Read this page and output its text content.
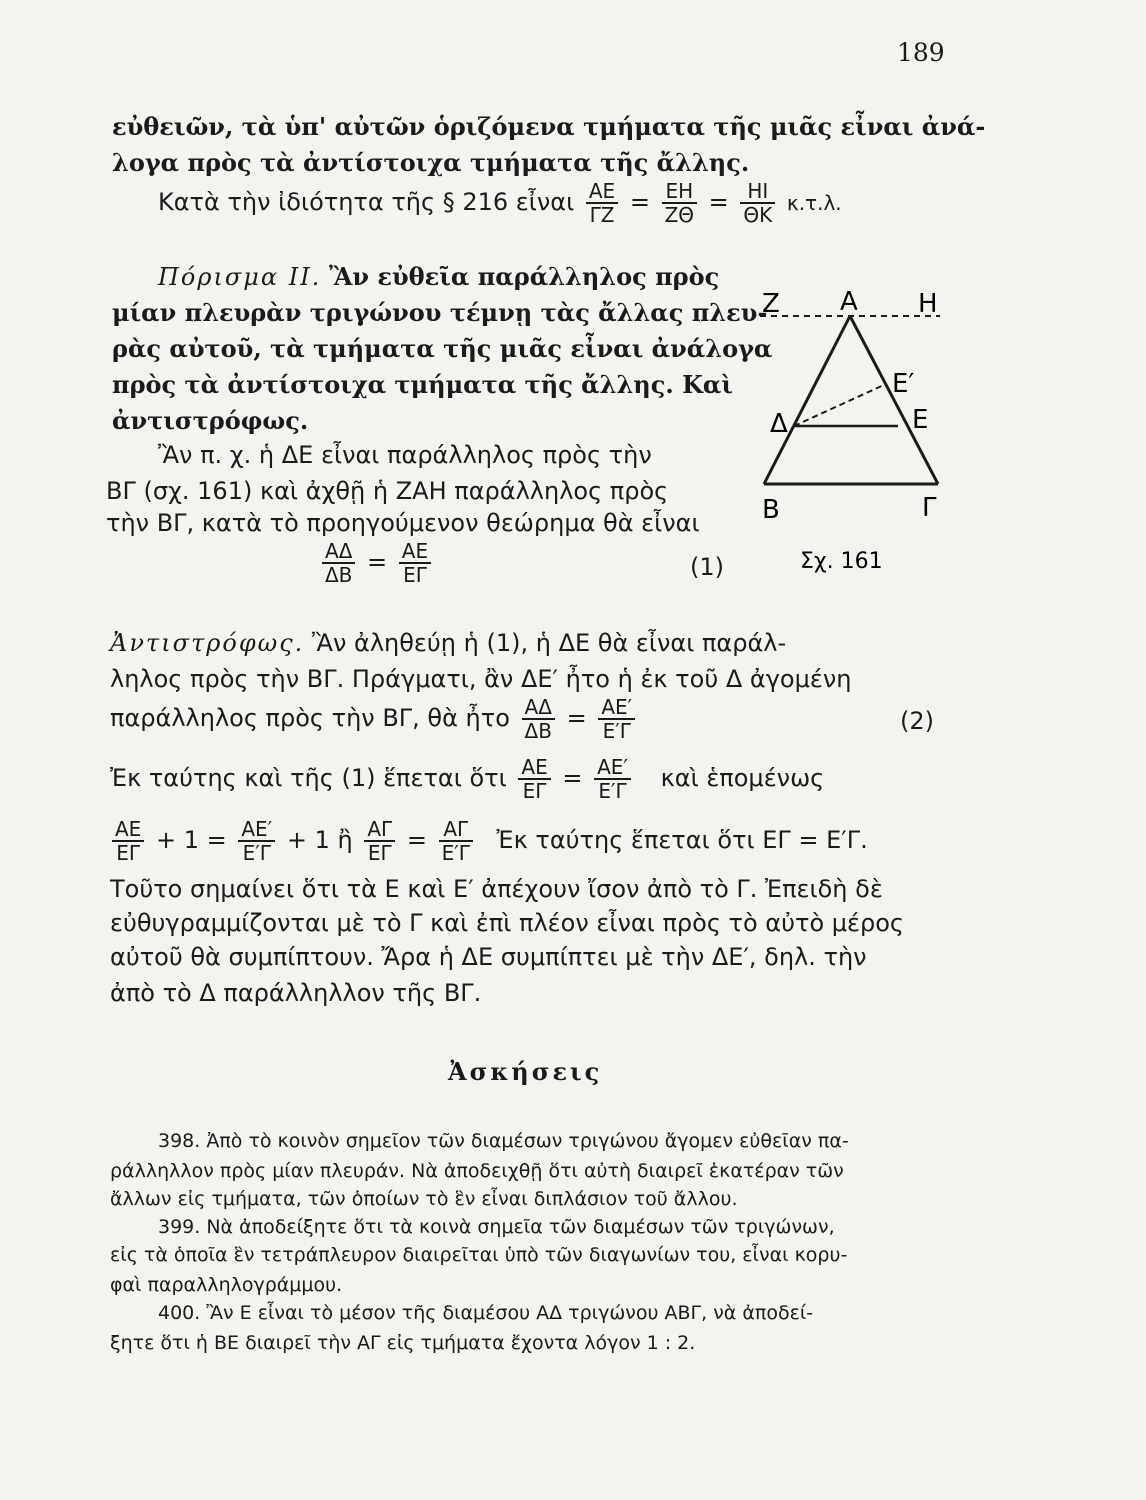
189
εὐθειῶν, τὰ ὑπ' αὐτῶν ὁριζόμενα τμήματα τῆς μιᾶς εἶναι ἀνά-
λογα πρὸς τὰ ἀντίστοιχα τμήματα τῆς ἄλλης.
Κατὰ τὴν ἰδιότητα τῆς § 216 εἶναι $\frac{AE}{\Gamma Z} = \frac{EH}{Z\Theta} = \frac{HI}{\Theta K} \kappa.\tau.\lambda$.
Πόρισμα ΙΙ. Ἂν εὐθεῖα παράλληλος πρὸς
μίαν πλευρὰν τριγώνου τέμνῃ τὰς ἄλλας πλευ-
ρὰς αὐτοῦ, τὰ τμήματα τῆς μιᾶς εἶναι ἀνάλογα
πρὸς τὰ ἀντίστοιχα τμήματα τῆς ἄλλης. Καὶ
ἀντιστρόφως.
Ἂν π. χ. ἡ ΔΕ εἶναι παράλληλος πρὸς τὴν
ΒΓ (σχ. 161) καὶ ἀχθῇ ἡ ΖΑΗ παράλληλος πρὸς
τὴν ΒΓ, κατὰ τὸ προηγούμενον θεώρημα θὰ εἶναι
$\frac{A\Delta}{\Delta B} = \frac{AE}{E\Gamma}$	(1)
Ζ Α Η
Ε′
Δ	Ε
Β	Γ
Σχ. 161
Ἀντιστρόφως. Ἂν ἀληθεύῃ ἡ (1), ἡ ΔΕ θὰ εἶναι παράλ-
ληλος πρὸς τὴν ΒΓ. Πράγματι, ἂν ΔΕ′ ἦτο ἡ ἐκ τοῦ Δ ἀγομένη
παράλληλος πρὸς τὴν ΒΓ, θὰ ἦτο $\frac{A\Delta}{\Delta B} = \frac{AE'}{E'\Gamma}$	(2)
Ἐκ ταύτης καὶ τῆς (1) ἕπεται ὅτι $\frac{AE}{E\Gamma} = \frac{AE'}{E'\Gamma}$ καὶ ἑπομένως
$\frac{AE}{E\Gamma} + 1 = \frac{AE'}{E'\Gamma} + 1$ ἢ $\frac{A\Gamma}{E\Gamma} = \frac{A\Gamma}{E'\Gamma}$ Ἐκ ταύτης ἕπεται ὅτι ΕΓ = Ε′Γ.
Τοῦτο σημαίνει ὅτι τὰ Ε καὶ Ε′ ἀπέχουν ἴσον ἀπὸ τὸ Γ. Ἐπειδὴ δὲ
εὐθυγραμμίζονται μὲ τὸ Γ καὶ ἐπὶ πλέον εἶναι πρὸς τὸ αὐτὸ μέρος
αὐτοῦ θὰ συμπίπτουν. Ἄρα ἡ ΔΕ συμπίπτει μὲ τὴν ΔΕ′, δηλ. τὴν
ἀπὸ τὸ Δ παράλληλλον τῆς ΒΓ.
Ἀσκήσεις
398. Ἀπὸ τὸ κοινὸν σημεῖον τῶν διαμέσων τριγώνου ἄγομεν εὐθεῖαν πα-
ράλληλλον πρὸς μίαν πλευράν. Νὰ ἀποδειχθῇ ὅτι αὐτὴ διαιρεῖ ἑκατέραν τῶν
ἄλλων εἰς τμήματα, τῶν ὁποίων τὸ ἓν εἶναι διπλάσιον τοῦ ἄλλου.
399. Νὰ ἀποδείξητε ὅτι τὰ κοινὰ σημεῖα τῶν διαμέσων τῶν τριγώνων,
εἰς τὰ ὁποῖα ἓν τετράπλευρον διαιρεῖται ὑπὸ τῶν διαγωνίων του, εἶναι κορυ-
φαὶ παραλληλογράμμου.
400. Ἂν Ε εἶναι τὸ μέσον τῆς διαμέσου ΑΔ τριγώνου ΑΒΓ, νὰ ἀποδεί-
ξητε ὅτι ἡ ΒΕ διαιρεῖ τὴν ΑΓ εἰς τμήματα ἔχοντα λόγον 1 : 2.
